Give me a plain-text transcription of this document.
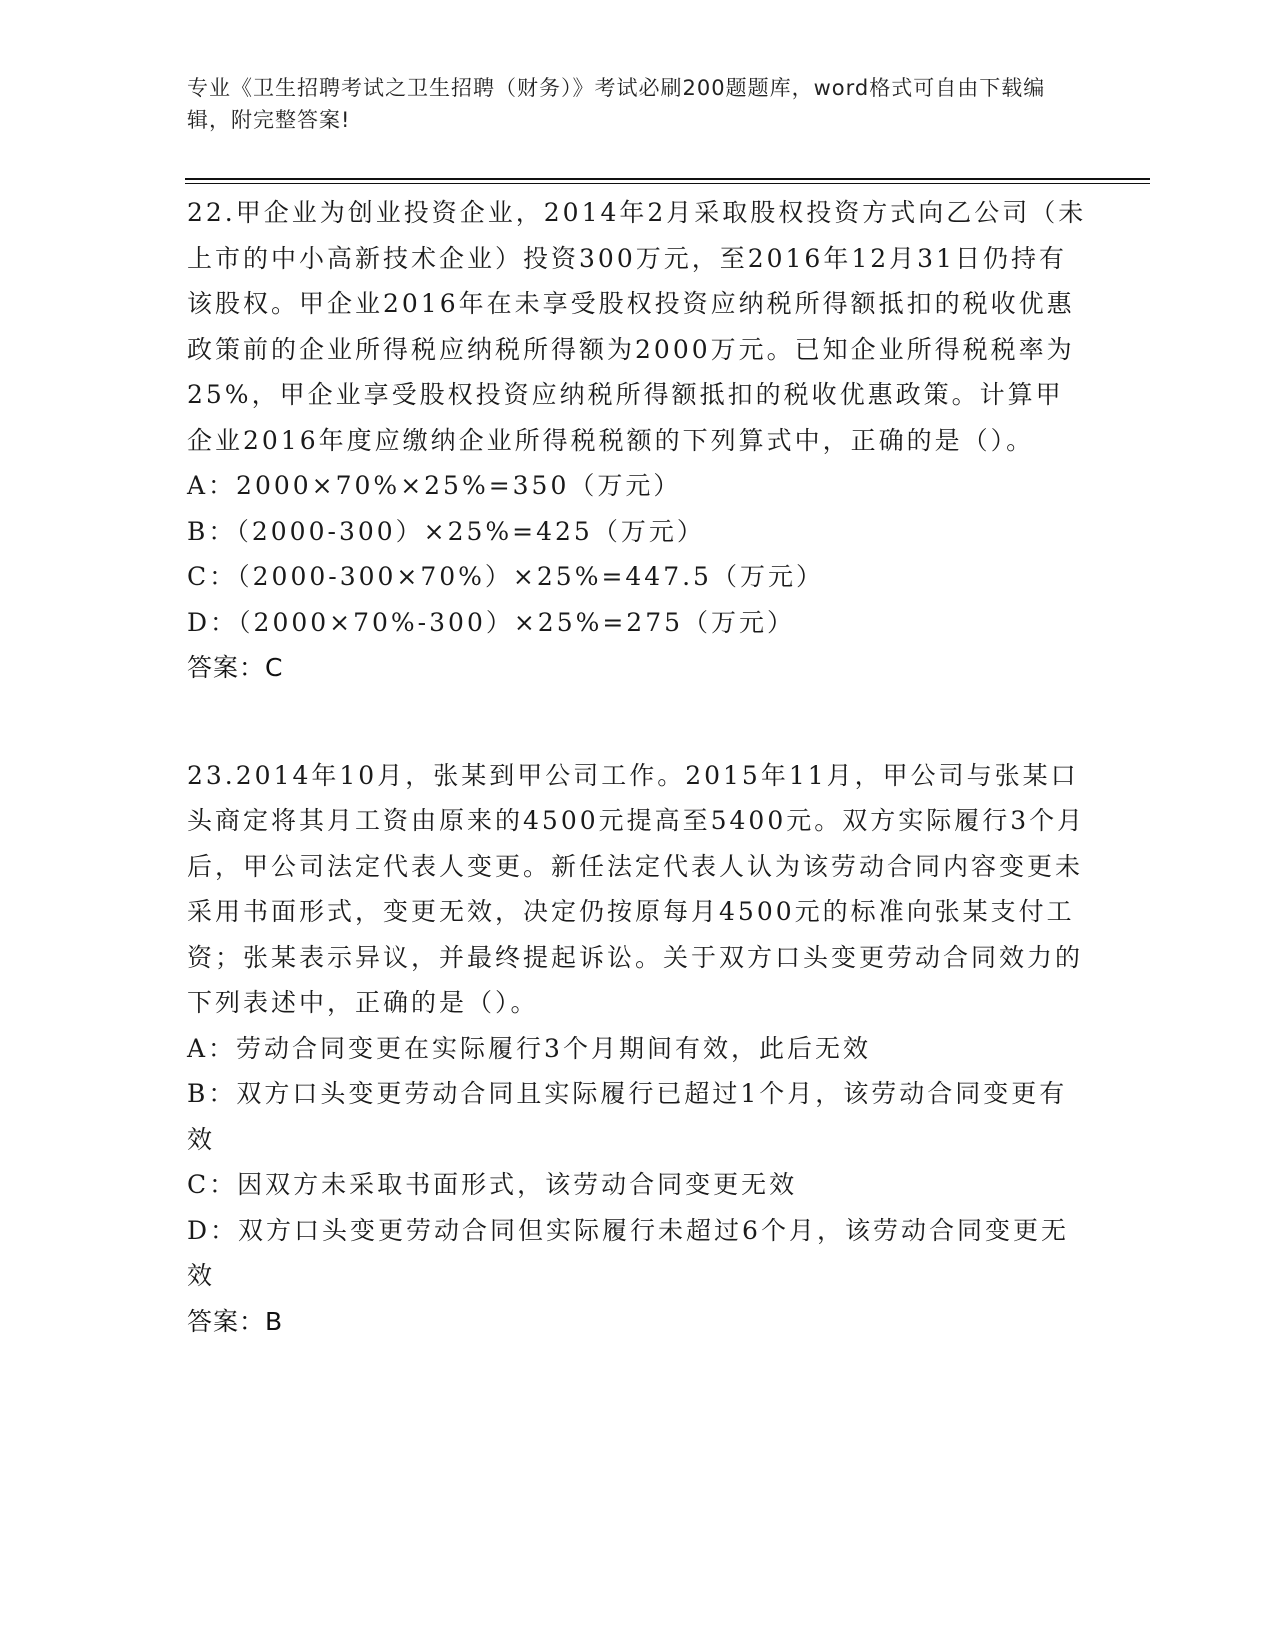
专业《卫生招聘考试之卫生招聘（财务）》考试必刷200题题库，word格式可自由下载编辑，附完整答案!

22.甲企业为创业投资企业，2014年2月采取股权投资方式向乙公司（未上市的中小高新技术企业）投资300万元，至2016年12月31日仍持有该股权。甲企业2016年在未享受股权投资应纳税所得额抵扣的税收优惠政策前的企业所得税应纳税所得额为2000万元。已知企业所得税税率为25%，甲企业享受股权投资应纳税所得额抵扣的税收优惠政策。计算甲企业2016年度应缴纳企业所得税税额的下列算式中，正确的是（）。

A：2000×70%×25%=350（万元）

B：（2000-300）×25%=425（万元）

C：（2000-300×70%）×25%=447.5（万元）

D：（2000×70%-300）×25%=275（万元）

答案：C

23.2014年10月，张某到甲公司工作。2015年11月，甲公司与张某口头商定将其月工资由原来的4500元提高至5400元。双方实际履行3个月后，甲公司法定代表人变更。新任法定代表人认为该劳动合同内容变更未采用书面形式，变更无效，决定仍按原每月4500元的标准向张某支付工资；张某表示异议，并最终提起诉讼。关于双方口头变更劳动合同效力的下列表述中，正确的是（）。

A：劳动合同变更在实际履行3个月期间有效，此后无效

B：双方口头变更劳动合同且实际履行已超过1个月，该劳动合同变更有效

C：因双方未采取书面形式，该劳动合同变更无效

D：双方口头变更劳动合同但实际履行未超过6个月，该劳动合同变更无效

答案：B
